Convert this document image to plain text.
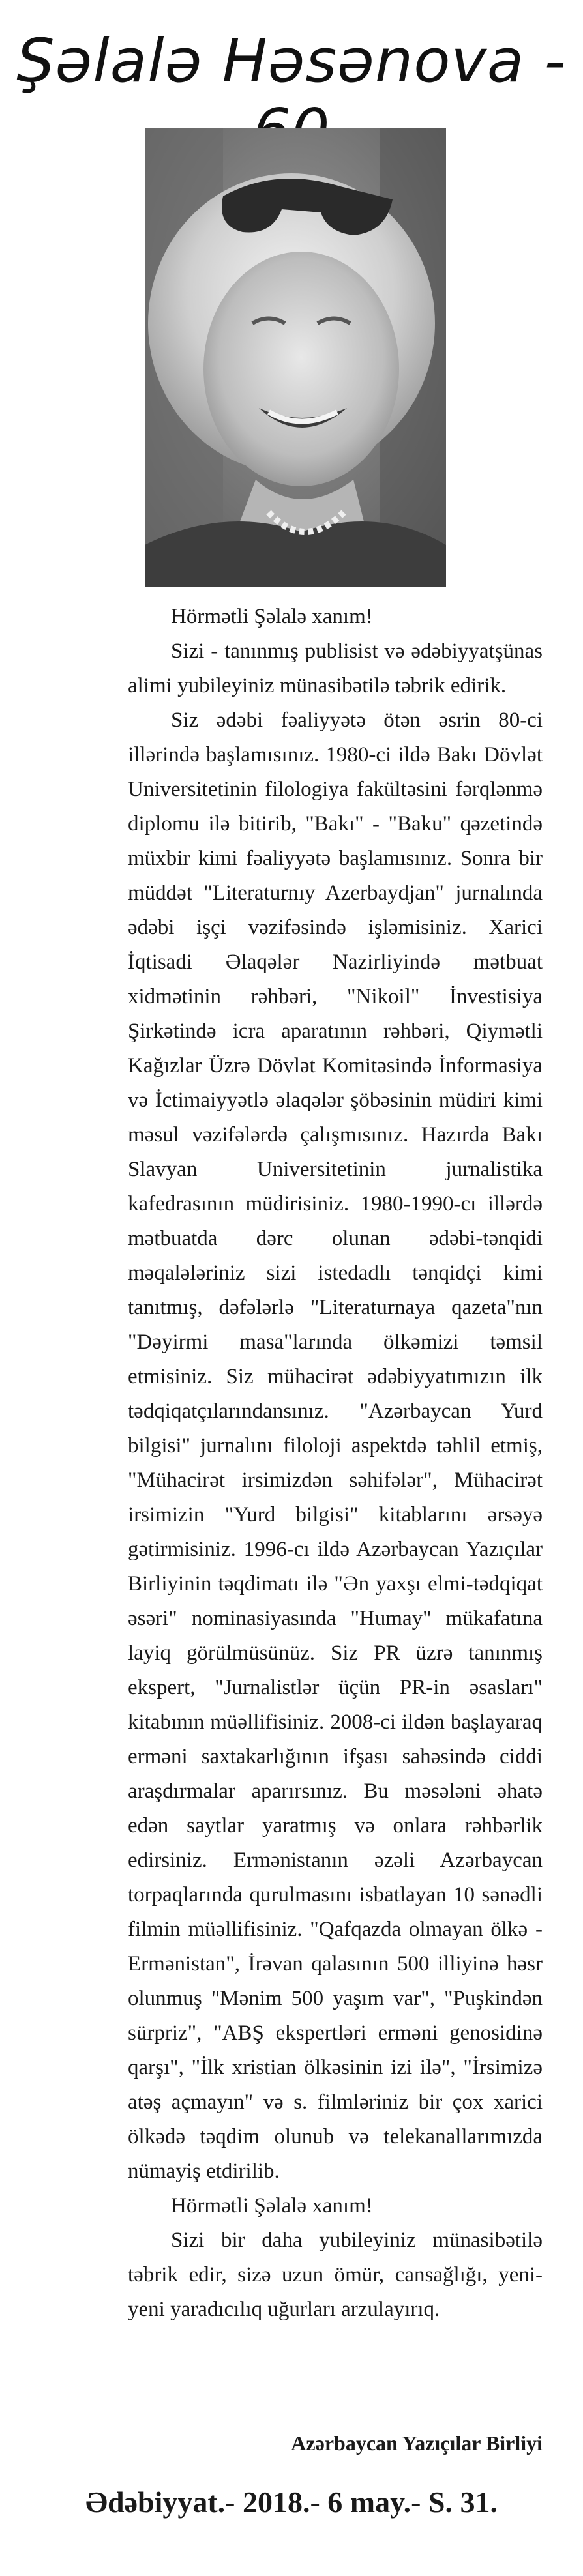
Şəlalə Həsənova -

Hörmətli Şəlalə xanım!

Sizi - tanınmış publisist və ədəbiyyatşünas alimi yubileyiniz münasibətilə təbrik edirik.

Siz ədəbi fəaliyyətə ötən əsrin 80-ci illərində başlamısınız. 1980-ci ildə Bakı Dövlət Universitetinin filologiya fakültəsini fərqlənmə diplomu ilə bitirib, "Bakı" - "Baku" qəzetində müxbir kimi fəaliyyətə başlamısınız. Sonra bir müddət "Literaturnıy Azerbaydjan" jurnalında ədəbi işçi vəzifəsində işləmisiniz. Xarici İqtisadi Əlaqələr Nazirliyində mətbuat xidmətinin rəhbəri, "Nikoil" İnvestisiya Şirkətində icra aparatının rəhbəri, Qiymətli Kağızlar Üzrə Dövlət Komitəsində İnformasiya və İctimaiyyətlə əlaqələr şöbəsinin müdiri kimi məsul vəzifələrdə çalışmısınız. Hazırda Bakı Slavyan Universitetinin jurnalistika kafedrasının müdirisiniz. 1980-1990-cı illərdə mətbuatda dərc olunan ədəbi-tənqidi məqalələriniz sizi istedadlı tənqidçi kimi tanıtmış, dəfələrlə "Literaturnaya qazeta"nın "Dəyirmi masa"larında ölkəmizi təmsil etmisiniz. Siz mühacirət ədəbiyyatımızın ilk tədqiqatçılarındansınız. "Azərbaycan Yurd bilgisi" jurnalını filoloji aspektdə təhlil etmiş, "Mühacirət irsimizdən səhifələr", Mühacirət irsimizin "Yurd bilgisi" kitablarını ərsəyə gətirmisiniz. 1996-cı ildə Azərbaycan Yazıçılar Birliyinin təqdimatı ilə "Ən yaxşı elmi-tədqiqat əsəri" nominasiyasında "Humay" mükafatına layiq görülmüsünüz. Siz PR üzrə tanınmış ekspert, "Jurnalistlər üçün PR-in əsasları" kitabının müəllifisiniz. 2008-ci ildən başlayaraq erməni saxtakarlığının ifşası sahəsində ciddi araşdırmalar aparırsınız. Bu məsələni əhatə edən saytlar yaratmış və onlara rəhbərlik edirsiniz. Ermənistanın əzəli Azərbaycan torpaqlarında qurulmasını isbatlayan 10 sənədli filmin müəllifisiniz. "Qafqazda olmayan ölkə - Ermənistan", İrəvan qalasının 500 illiyinə həsr olunmuş "Mənim 500 yaşım var", "Puşkindən sürpriz", "ABŞ ekspertləri erməni genosidinə qarşı", "İlk xristian ölkəsinin izi ilə", "İrsimizə atəş açmayın" və s. filmləriniz bir çox xarici ölkədə təqdim olunub və telekanallarımızda nümayiş etdirilib.

Hörmətli Şəlalə xanım!

Sizi bir daha yubileyiniz münasibətilə təbrik edir, sizə uzun ömür, cansağlığı, yeni-yeni yaradıcılıq uğurları arzulayırıq.

Azərbaycan Yazıçılar Birliyi
Ədəbiyyat.- 2018.- 6 may.- S. 31.
